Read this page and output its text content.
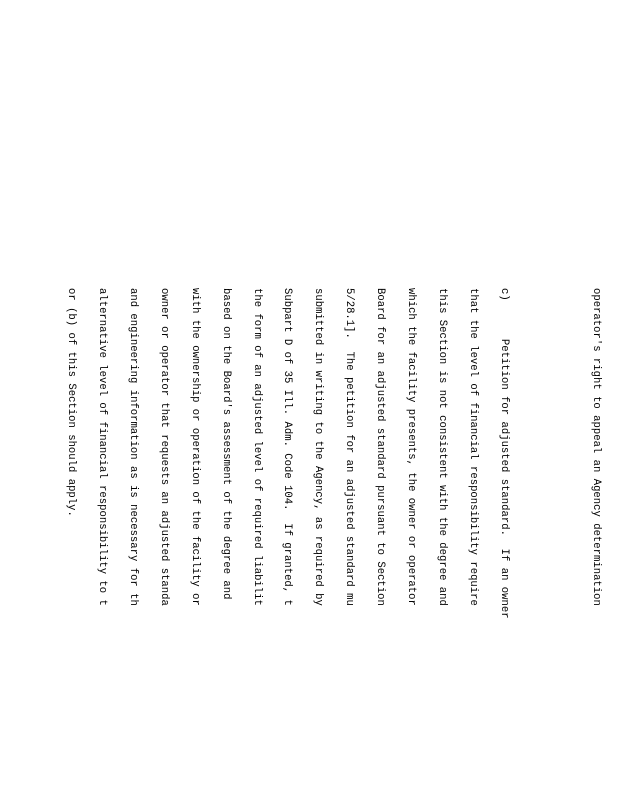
operator's right to appeal an Agency determination

c)      Petition for adjusted standard.  If an owner

that the level of financial responsibility require

this Section is not consistent with the degree and

which the facility presents, the owner or operator

Board for an adjusted standard pursuant to Section

5/28.1].  The petition for an adjusted standard mu

submitted in writing to the Agency, as required by

Subpart D of 35 Ill. Adm. Code 104.  If granted, t

the form of an adjusted level of required liabilit

based on the Board's assessment of the degree and

with the ownership or operation of the facility or

owner or operator that requests an adjusted standa

and engineering information as is necessary for th

alternative level of financial responsibility to t

or (b) of this Section should apply.
